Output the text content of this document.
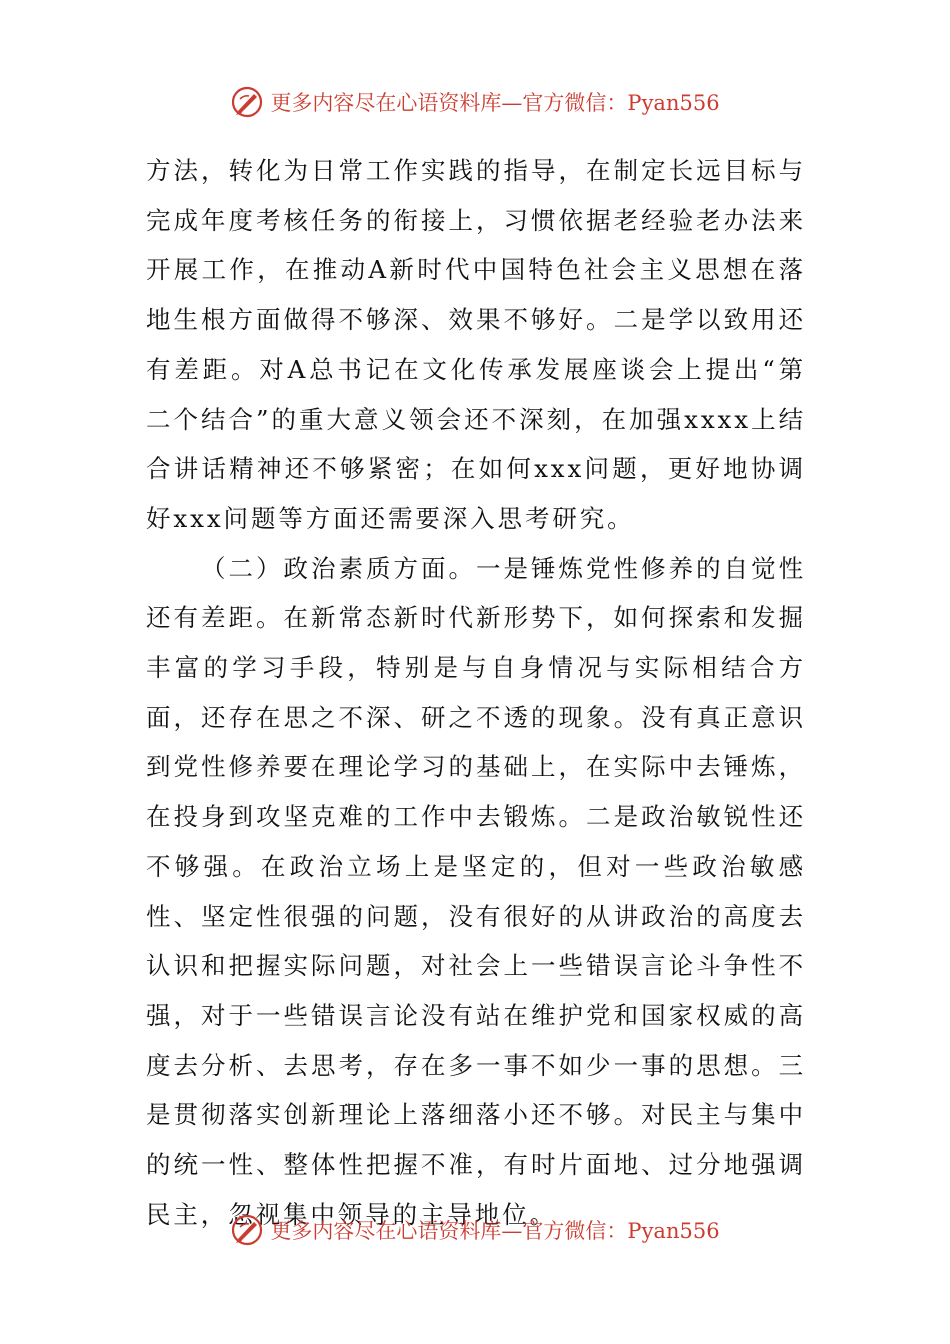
更多内容尽在心语资料库—官方微信：Pyan556

方法，转化为日常工作实践的指导，在制定长远目标与完成年度考核任务的衔接上，习惯依据老经验老办法来开展工作，在推动A新时代中国特色社会主义思想在落地生根方面做得不够深、效果不够好。二是学以致用还有差距。对A总书记在文化传承发展座谈会上提出“第二个结合”的重大意义领会还不深刻，在加强xxxx上结合讲话精神还不够紧密；在如何xxx问题，更好地协调好xxx问题等方面还需要深入思考研究。

（二）政治素质方面。一是锤炼党性修养的自觉性还有差距。在新常态新时代新形势下，如何探索和发掘丰富的学习手段，特别是与自身情况与实际相结合方面，还存在思之不深、研之不透的现象。没有真正意识到党性修养要在理论学习的基础上，在实际中去锤炼，在投身到攻坚克难的工作中去锻炼。二是政治敏锐性还不够强。在政治立场上是坚定的，但对一些政治敏感性、坚定性很强的问题，没有很好的从讲政治的高度去认识和把握实际问题，对社会上一些错误言论斗争性不强，对于一些错误言论没有站在维护党和国家权威的高度去分析、去思考，存在多一事不如少一事的思想。三是贯彻落实创新理论上落细落小还不够。对民主与集中的统一性、整体性把握不准，有时片面地、过分地强调民主，忽视集中领导的主导地位。

更多内容尽在心语资料库—官方微信：Pyan556
